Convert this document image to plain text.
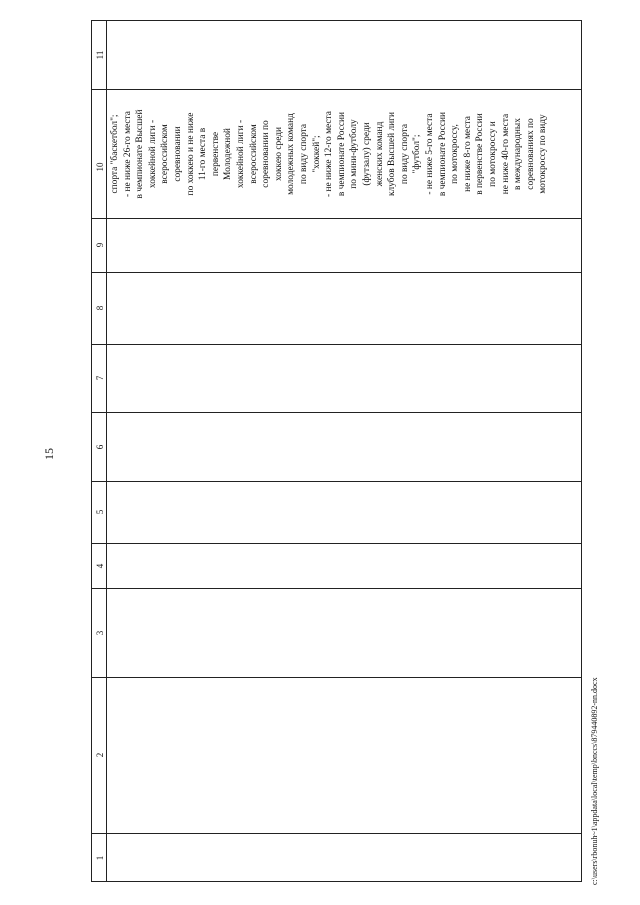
15
11
10
9
8
7
6
5
4
3
2
1
спорта "баскетбол"; - не ниже 26-го места в чемпионате Высшей хоккейной лиги - всероссийском соревновании по хоккею и не ниже 11-го места в первенстве Молодежной хоккейной лиги - всероссийском соревновании по хоккею среди молодежных команд по виду спорта "хоккей"; - не ниже 12-го места в чемпионате России по мини-футболу (футзалу) среди женских команд клубов Высшей лиги по виду спорта "футбол"; - не ниже 5-го места в чемпионате России по мотокроссу, не ниже 8-го места в первенстве России по мотокроссу и не ниже 40-го места в международных соревнованиях по мотокроссу по виду
c:\users\rbonuh~1\appdata\local\temp\bnccs\879440892-nn.docx
